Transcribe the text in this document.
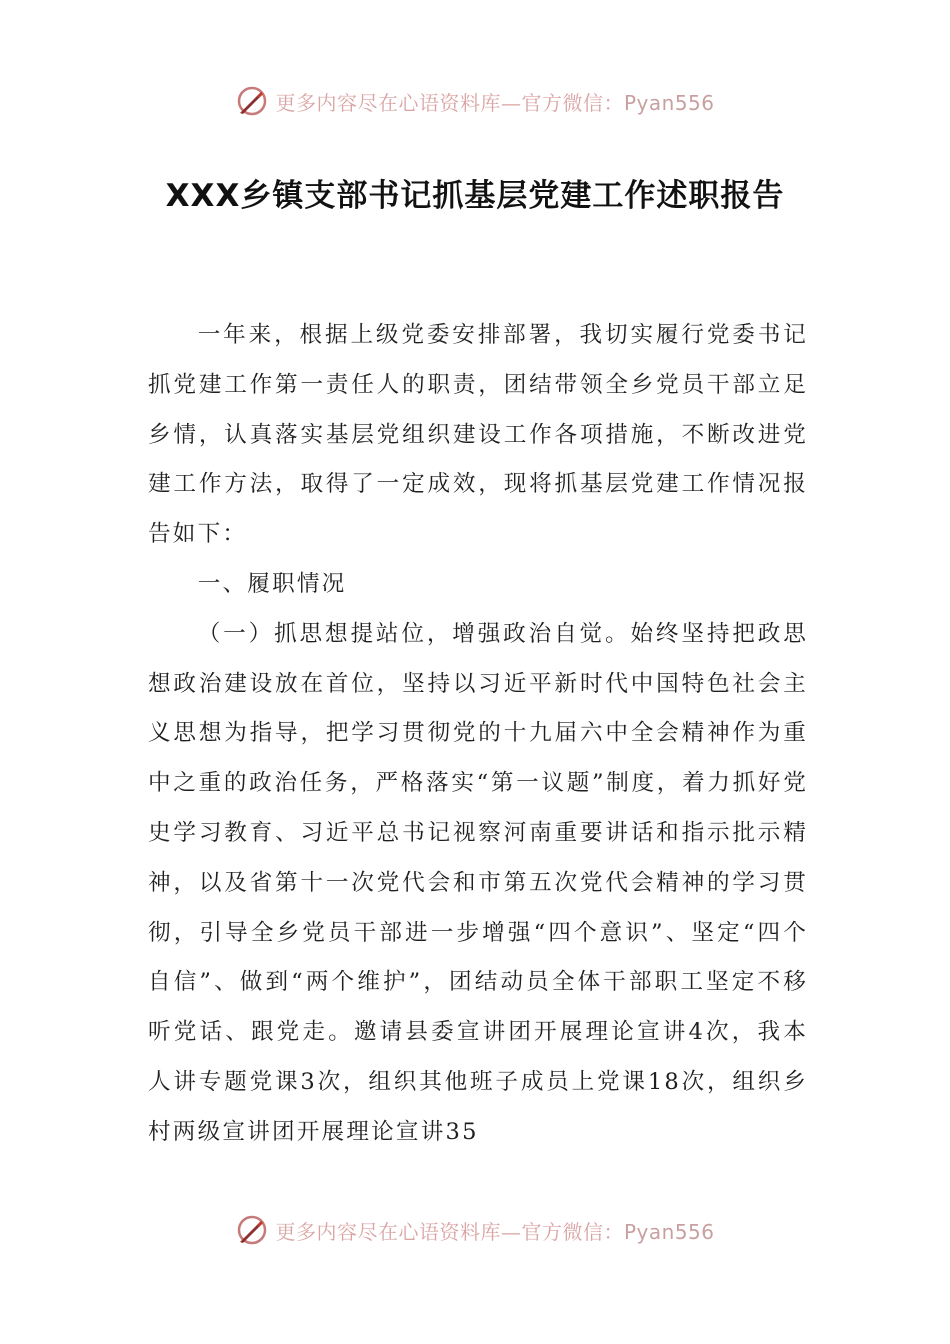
更多内容尽在心语资料库—官方微信：Pyan556
XXX乡镇支部书记抓基层党建工作述职报告

一年来，根据上级党委安排部署，我切实履行党委书记抓党建工作第一责任人的职责，团结带领全乡党员干部立足乡情，认真落实基层党组织建设工作各项措施，不断改进党建工作方法，取得了一定成效，现将抓基层党建工作情况报告如下：

一、履职情况

（一）抓思想提站位，增强政治自觉。始终坚持把政思想政治建设放在首位，坚持以习近平新时代中国特色社会主义思想为指导，把学习贯彻党的十九届六中全会精神作为重中之重的政治任务，严格落实“第一议题”制度，着力抓好党史学习教育、习近平总书记视察河南重要讲话和指示批示精神，以及省第十一次党代会和市第五次党代会精神的学习贯彻，引导全乡党员干部进一步增强“四个意识”、坚定“四个自信”、做到“两个维护”，团结动员全体干部职工坚定不移听党话、跟党走。邀请县委宣讲团开展理论宣讲4次，我本人讲专题党课3次，组织其他班子成员上党课18次，组织乡村两级宣讲团开展理论宣讲35

更多内容尽在心语资料库—官方微信：Pyan556
